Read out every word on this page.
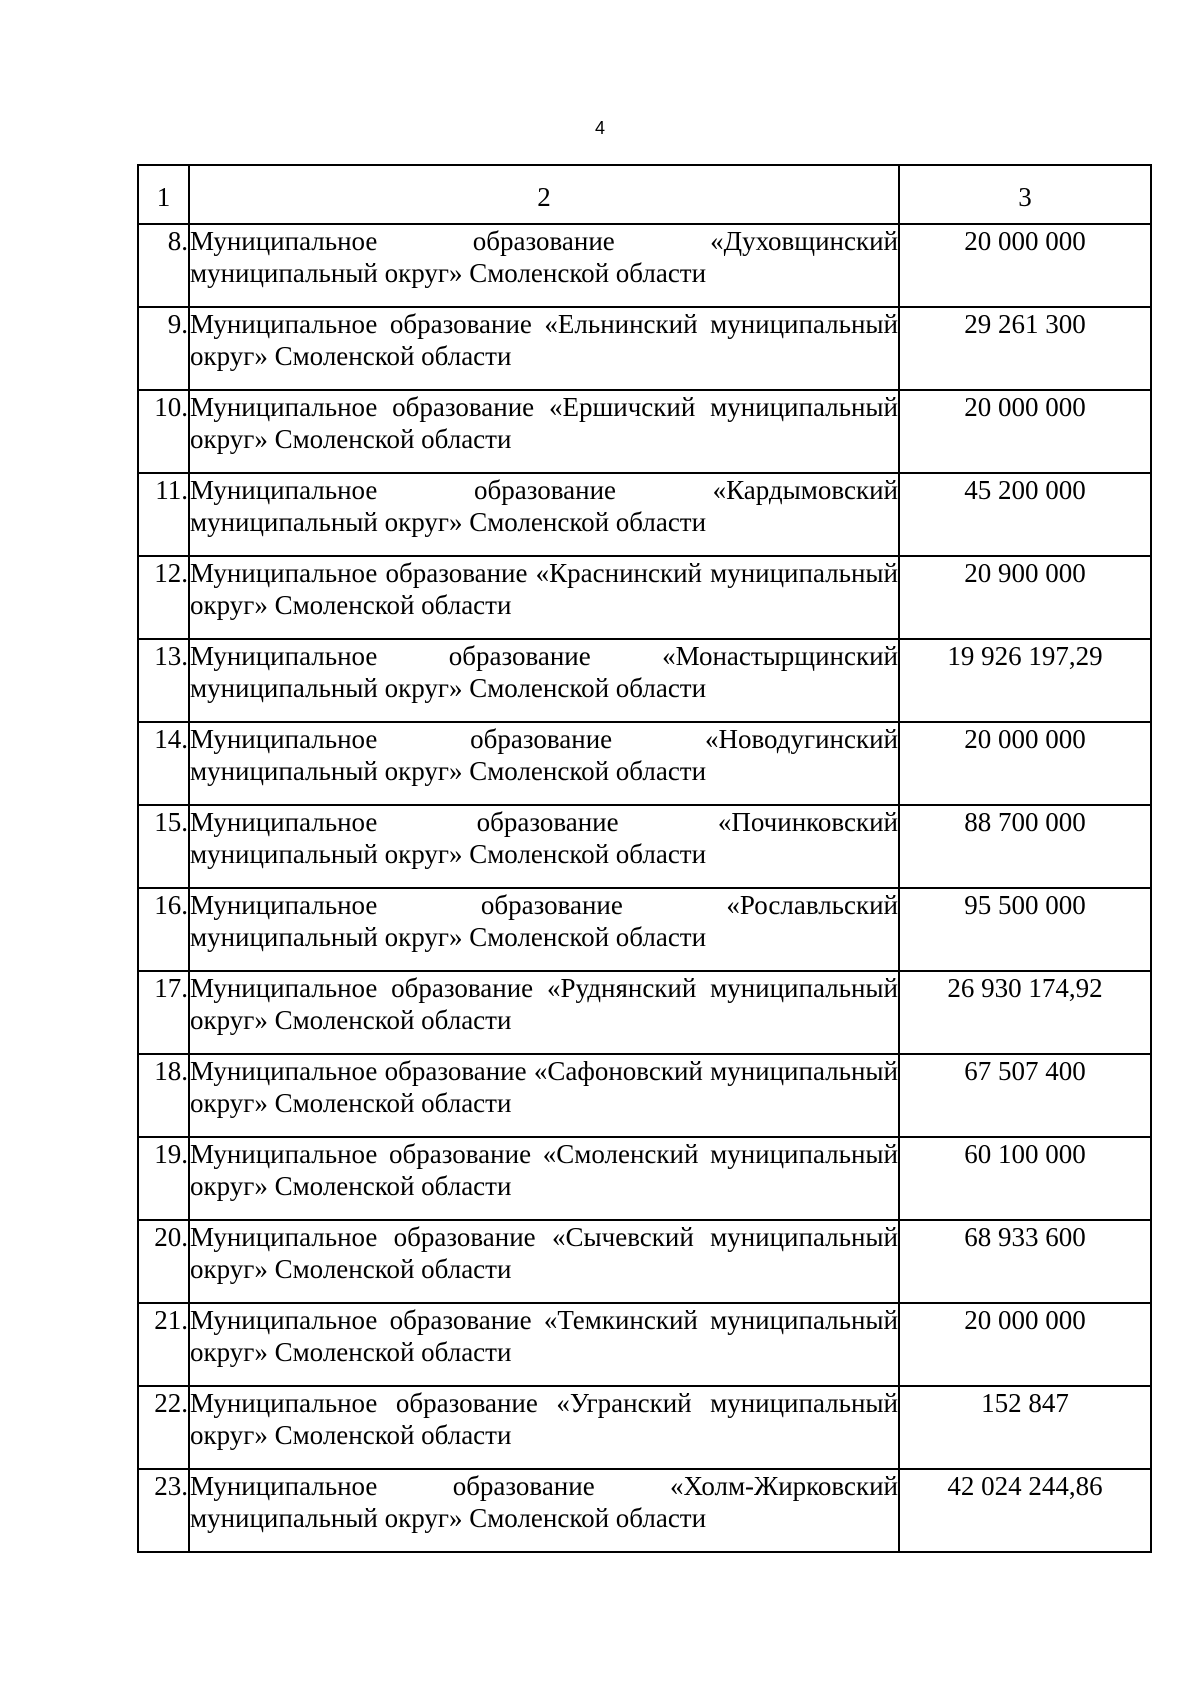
4
1	2	3
8.	Муниципальное образование «Духовщинский муниципальный округ» Смоленской области	20 000 000
9.	Муниципальное образование «Ельнинский муниципальный округ» Смоленской области	29 261 300
10.	Муниципальное образование «Ершичский муниципальный округ» Смоленской области	20 000 000
11.	Муниципальное образование «Кардымовский муниципальный округ» Смоленской области	45 200 000
12.	Муниципальное образование «Краснинский муниципальный округ» Смоленской области	20 900 000
13.	Муниципальное образование «Монастырщинский муниципальный округ» Смоленской области	19 926 197,29
14.	Муниципальное образование «Новодугинский муниципальный округ» Смоленской области	20 000 000
15.	Муниципальное образование «Починковский муниципальный округ» Смоленской области	88 700 000
16.	Муниципальное образование «Рославльский муниципальный округ» Смоленской области	95 500 000
17.	Муниципальное образование «Руднянский муниципальный округ» Смоленской области	26 930 174,92
18.	Муниципальное образование «Сафоновский муниципальный округ» Смоленской области	67 507 400
19.	Муниципальное образование «Смоленский муниципальный округ» Смоленской области	60 100 000
20.	Муниципальное образование «Сычевский муниципальный округ» Смоленской области	68 933 600
21.	Муниципальное образование «Темкинский муниципальный округ» Смоленской области	20 000 000
22.	Муниципальное образование «Угранский муниципальный округ» Смоленской области	152 847
23.	Муниципальное образование «Холм-Жирковский муниципальный округ» Смоленской области	42 024 244,86
